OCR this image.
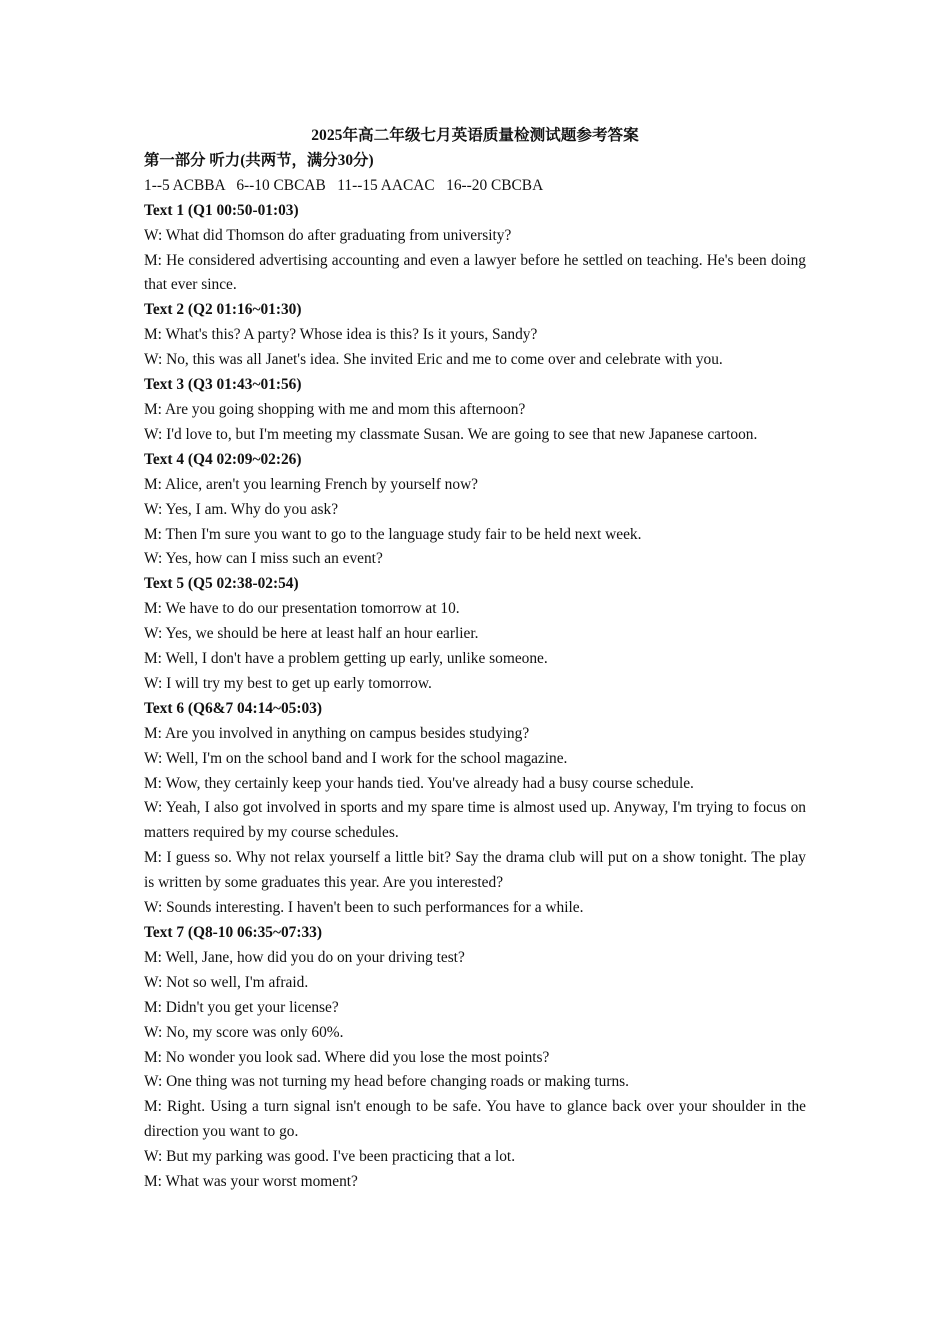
2025年高二年级七月英语质量检测试题参考答案

第一部分 听力(共两节，满分30分)

1--5 ACBBA   6--10 CBCAB   11--15 AACAC   16--20 CBCBA

Text 1 (Q1 00:50-01:03)

W: What did Thomson do after graduating from university?

M: He considered advertising accounting and even a lawyer before he settled on teaching. He's been doing that ever since.

Text 2 (Q2 01:16~01:30)

M: What's this? A party? Whose idea is this? Is it yours, Sandy?

W: No, this was all Janet's idea. She invited Eric and me to come over and celebrate with you.

Text 3 (Q3 01:43~01:56)

M: Are you going shopping with me and mom this afternoon?

W: I'd love to, but I'm meeting my classmate Susan. We are going to see that new Japanese cartoon.

Text 4 (Q4 02:09~02:26)

M: Alice, aren't you learning French by yourself now?

W: Yes, I am. Why do you ask?

M: Then I'm sure you want to go to the language study fair to be held next week.

W: Yes, how can I miss such an event?

Text 5 (Q5 02:38-02:54)

M: We have to do our presentation tomorrow at 10.

W: Yes, we should be here at least half an hour earlier.

M: Well, I don't have a problem getting up early, unlike someone.

W: I will try my best to get up early tomorrow.

Text 6 (Q6&7 04:14~05:03)

M: Are you involved in anything on campus besides studying?

W: Well, I'm on the school band and I work for the school magazine.

M: Wow, they certainly keep your hands tied. You've already had a busy course schedule.

W: Yeah, I also got involved in sports and my spare time is almost used up. Anyway, I'm trying to focus on matters required by my course schedules.

M: I guess so. Why not relax yourself a little bit? Say the drama club will put on a show tonight. The play is written by some graduates this year. Are you interested?

W: Sounds interesting. I haven't been to such performances for a while.

Text 7 (Q8-10 06:35~07:33)

M: Well, Jane, how did you do on your driving test?

W: Not so well, I'm afraid.

M: Didn't you get your license?

W: No, my score was only 60%.

M: No wonder you look sad. Where did you lose the most points?

W: One thing was not turning my head before changing roads or making turns.

M: Right. Using a turn signal isn't enough to be safe. You have to glance back over your shoulder in the direction you want to go.

W: But my parking was good. I've been practicing that a lot.

M: What was your worst moment?
